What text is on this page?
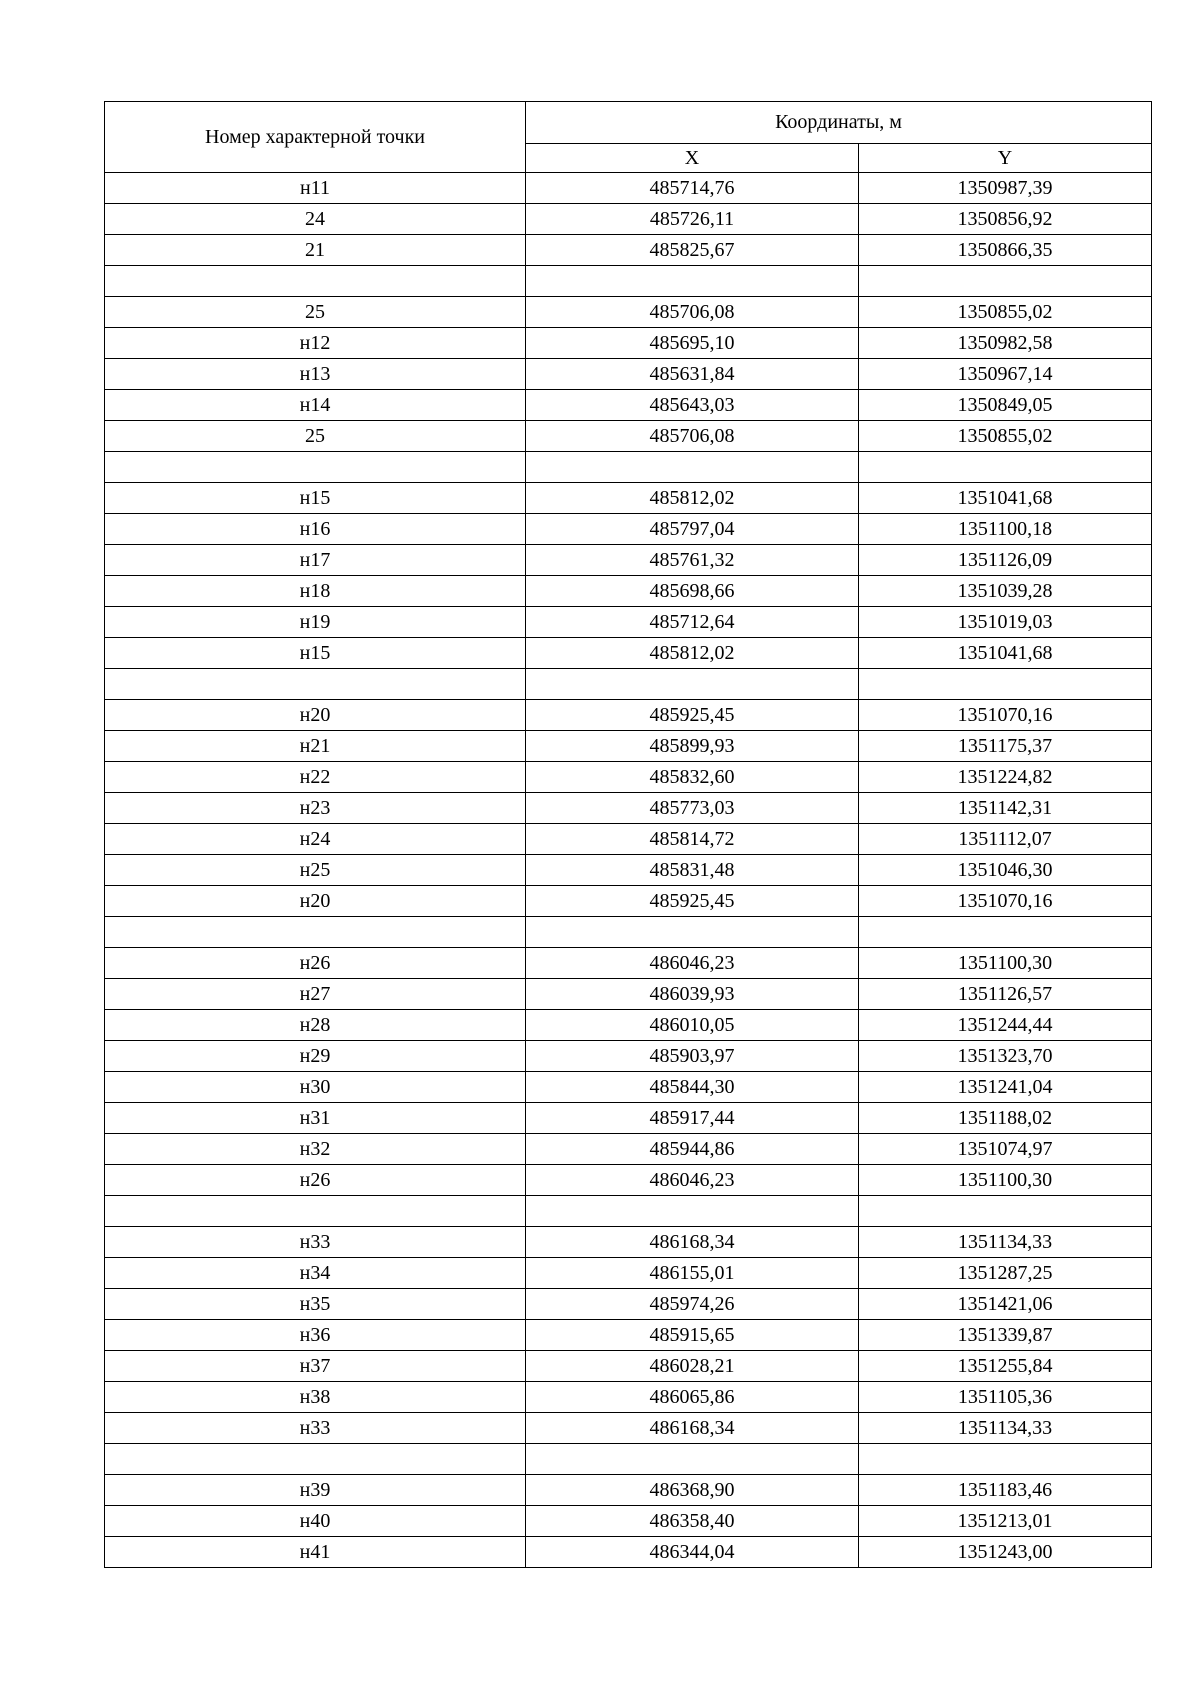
Номер характерной точки	Координаты, м	
	X	Y
н11	485714,76	1350987,39
24	485726,11	1350856,92
21	485825,67	1350866,35

25	485706,08	1350855,02
н12	485695,10	1350982,58
н13	485631,84	1350967,14
н14	485643,03	1350849,05
25	485706,08	1350855,02

н15	485812,02	1351041,68
н16	485797,04	1351100,18
н17	485761,32	1351126,09
н18	485698,66	1351039,28
н19	485712,64	1351019,03
н15	485812,02	1351041,68

н20	485925,45	1351070,16
н21	485899,93	1351175,37
н22	485832,60	1351224,82
н23	485773,03	1351142,31
н24	485814,72	1351112,07
н25	485831,48	1351046,30
н20	485925,45	1351070,16

н26	486046,23	1351100,30
н27	486039,93	1351126,57
н28	486010,05	1351244,44
н29	485903,97	1351323,70
н30	485844,30	1351241,04
н31	485917,44	1351188,02
н32	485944,86	1351074,97
н26	486046,23	1351100,30

н33	486168,34	1351134,33
н34	486155,01	1351287,25
н35	485974,26	1351421,06
н36	485915,65	1351339,87
н37	486028,21	1351255,84
н38	486065,86	1351105,36
н33	486168,34	1351134,33

н39	486368,90	1351183,46
н40	486358,40	1351213,01
н41	486344,04	1351243,00
